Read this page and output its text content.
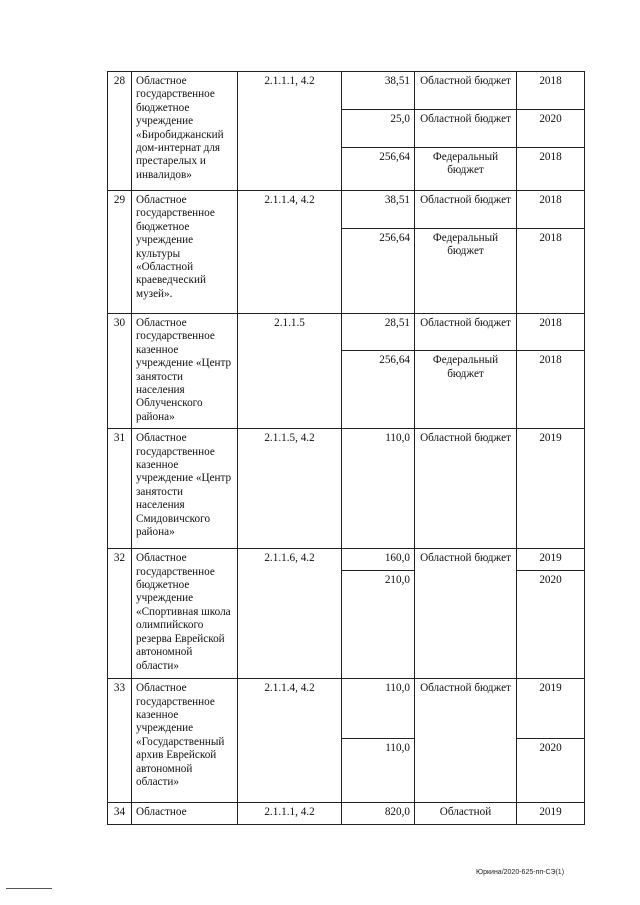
28	Областное государственное бюджетное учреждение «Биробиджанский дом-интернат для престарелых и инвалидов»	2.1.1.1, 4.2	38,51	Областной бюджет	2018
			25,0	Областной бюджет	2020
			256,64	Федеральный бюджет	2018
29	Областное государственное бюджетное учреждение культуры «Областной краеведческий музей».	2.1.1.4, 4.2	38,51	Областной бюджет	2018
			256,64	Федеральный бюджет	2018
30	Областное государственное казенное учреждение «Центр занятости населения Облученского района»	2.1.1.5	28,51	Областной бюджет	2018
			256,64	Федеральный бюджет	2018
31	Областное государственное казенное учреждение «Центр занятости населения Смидовичского района»	2.1.1.5, 4.2	110,0	Областной бюджет	2019
32	Областное государственное бюджетное учреждение «Спортивная школа олимпийского резерва Еврейской автономной области»	2.1.1.6, 4.2	160,0	Областной бюджет	2019
			210,0		2020
33	Областное государственное казенное учреждение «Государственный архив Еврейской автономной области»	2.1.1.4, 4.2	110,0	Областной бюджет	2019
			110,0		2020
34	Областное	2.1.1.1, 4.2	820,0	Областной	2019
Юркина/2020-625-пп-СЭ(1)
